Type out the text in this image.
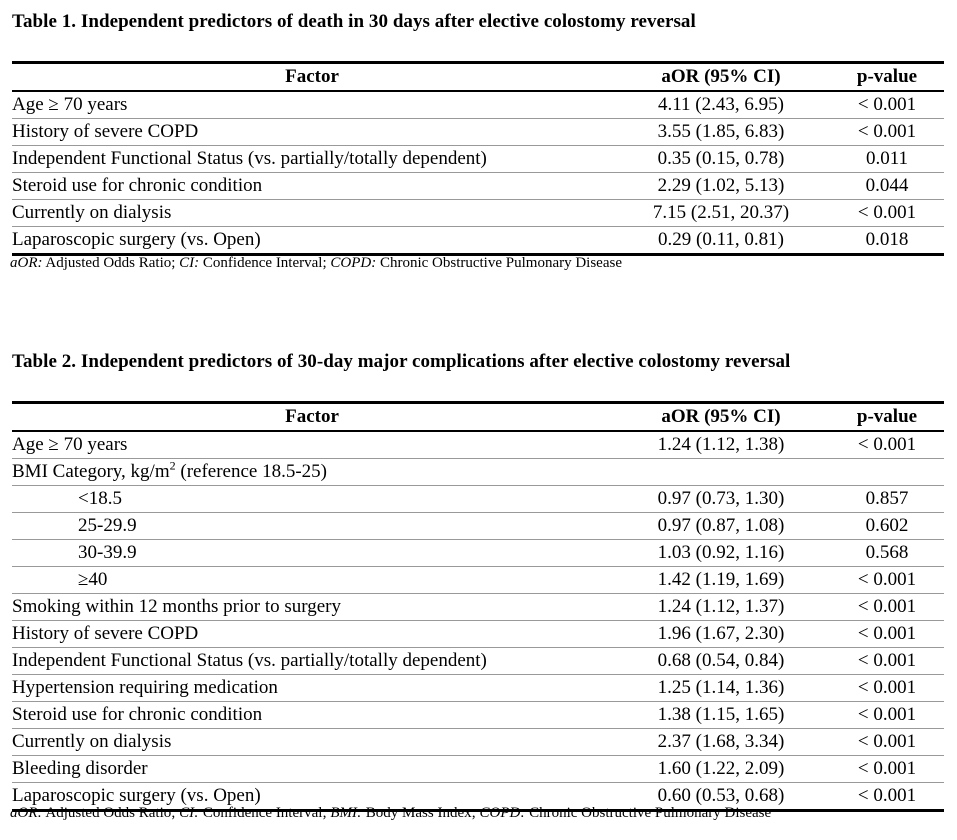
Table 1. Independent predictors of death in 30 days after elective colostomy reversal
Factor	aOR (95% CI)	p-value
Age ≥ 70 years	4.11 (2.43, 6.95)	< 0.001
History of severe COPD	3.55 (1.85, 6.83)	< 0.001
Independent Functional Status (vs. partially/totally dependent)	0.35 (0.15, 0.78)	0.011
Steroid use for chronic condition	2.29 (1.02, 5.13)	0.044
Currently on dialysis	7.15 (2.51, 20.37)	< 0.001
Laparoscopic surgery (vs. Open)	0.29 (0.11, 0.81)	0.018
aOR: Adjusted Odds Ratio; CI: Confidence Interval; COPD: Chronic Obstructive Pulmonary Disease
Table 2. Independent predictors of 30-day major complications after elective colostomy reversal
Factor	aOR (95% CI)	p-value
Age ≥ 70 years	1.24 (1.12, 1.38)	< 0.001
BMI Category, $kg/m^2$ (reference 18.5-25)		
<18.5	0.97 (0.73, 1.30)	0.857
25-29.9	0.97 (0.87, 1.08)	0.602
30-39.9	1.03 (0.92, 1.16)	0.568
≥40	1.42 (1.19, 1.69)	< 0.001
Smoking within 12 months prior to surgery	1.24 (1.12, 1.37)	< 0.001
History of severe COPD	1.96 (1.67, 2.30)	< 0.001
Independent Functional Status (vs. partially/totally dependent)	0.68 (0.54, 0.84)	< 0.001
Hypertension requiring medication	1.25 (1.14, 1.36)	< 0.001
Steroid use for chronic condition	1.38 (1.15, 1.65)	< 0.001
Currently on dialysis	2.37 (1.68, 3.34)	< 0.001
Bleeding disorder	1.60 (1.22, 2.09)	< 0.001
Laparoscopic surgery (vs. Open)	0.60 (0.53, 0.68)	< 0.001
aOR: Adjusted Odds Ratio; CI: Confidence Interval; BMI: Body Mass Index; COPD: Chronic Obstructive Pulmonary Disease
